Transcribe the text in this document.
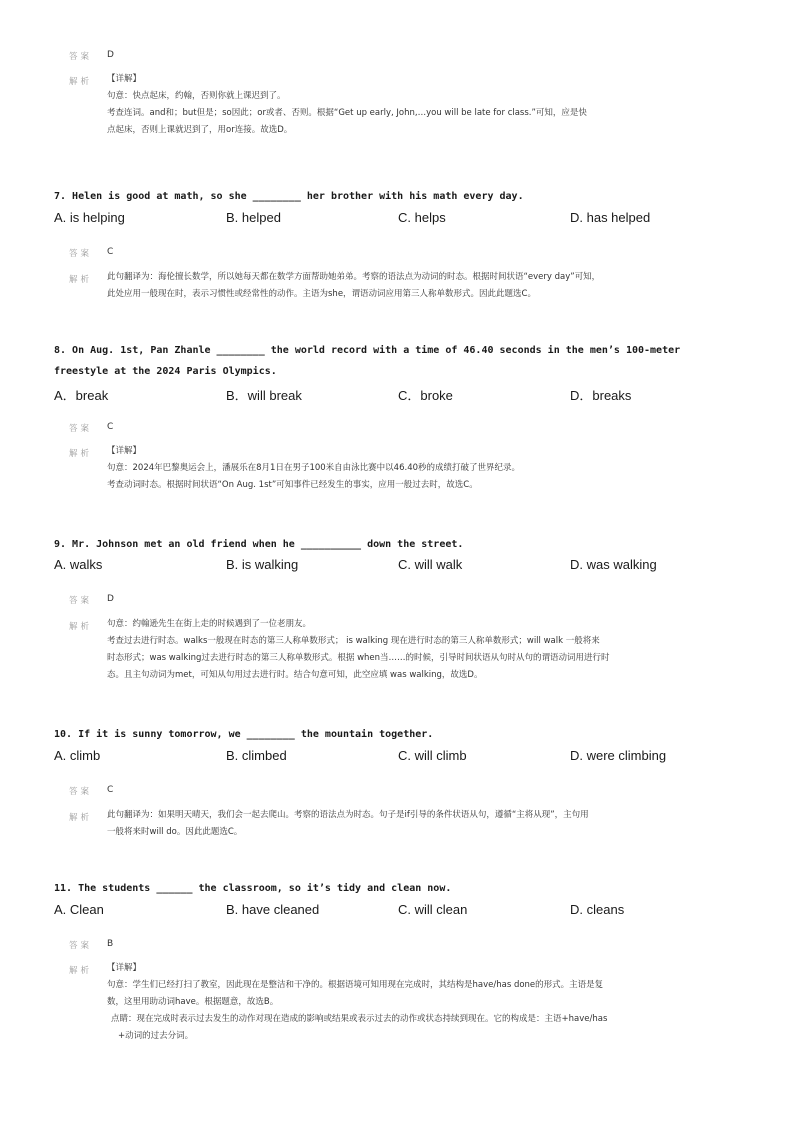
答案 D
解析 【详解】
句意：快点起床，约翰，否则你就上课迟到了。
考查连词。and和；but但是；so因此；or或者、否则。根据“Get up early, John,…you will be late for class.”可知，应是快
点起床，否则上课就迟到了，用or连接。故选D。
7. Helen is good at math, so she ________ her brother with his math every day.
A. is helping	B. helped	C. helps	D. has helped
答案 C
解析 此句翻译为：海伦擅长数学，所以她每天都在数学方面帮助她弟弟。考察的语法点为动词的时态。根据时间状语“every day”可知，
此处应用一般现在时，表示习惯性或经常性的动作。主语为she，谓语动词应用第三人称单数形式。因此此题选C。
8. On Aug. 1st, Pan Zhanle ________ the world record with a time of 46.40 seconds in the men’s 100-meter
freestyle at the 2024 Paris Olympics.
A．break	B．will break	C．broke	D．breaks
答案 C
解析 【详解】
句意：2024年巴黎奥运会上，潘展乐在8月1日在男子100米自由泳比赛中以46.40秒的成绩打破了世界纪录。
考查动词时态。根据时间状语“On Aug. 1st”可知事件已经发生的事实，应用一般过去时，故选C。
9. Mr. Johnson met an old friend when he __________ down the street.
A. walks	B. is walking	C. will walk	D. was walking
答案 D
解析 句意：约翰逊先生在街上走的时候遇到了一位老朋友。
考查过去进行时态。walks一般现在时态的第三人称单数形式； is walking 现在进行时态的第三人称单数形式；will walk 一般将来
时态形式；was walking过去进行时态的第三人称单数形式。根据 when当……的时候，引导时间状语从句时从句的谓语动词用进行时
态。且主句动词为met，可知从句用过去进行时。结合句意可知，此空应填 was walking，故选D。
10. If it is sunny tomorrow, we ________ the mountain together.
A. climb	B. climbed	C. will climb	D. were climbing
答案 C
解析 此句翻译为：如果明天晴天，我们会一起去爬山。考察的语法点为时态。句子是if引导的条件状语从句，遵循“主将从现”，主句用
一般将来时will do。因此此题选C。
11. The students ______ the classroom, so it’s tidy and clean now.
A. Clean	B. have cleaned	C. will clean	D. cleans
答案 B
解析 【详解】
句意：学生们已经打扫了教室，因此现在是整洁和干净的。根据语境可知用现在完成时，其结构是have/has done的形式。主语是复
数，这里用助动词have。根据题意，故选B。
点睛：现在完成时表示过去发生的动作对现在造成的影响或结果或表示过去的动作或状态持续到现在。它的构成是：主语+have/has
+动词的过去分词。
